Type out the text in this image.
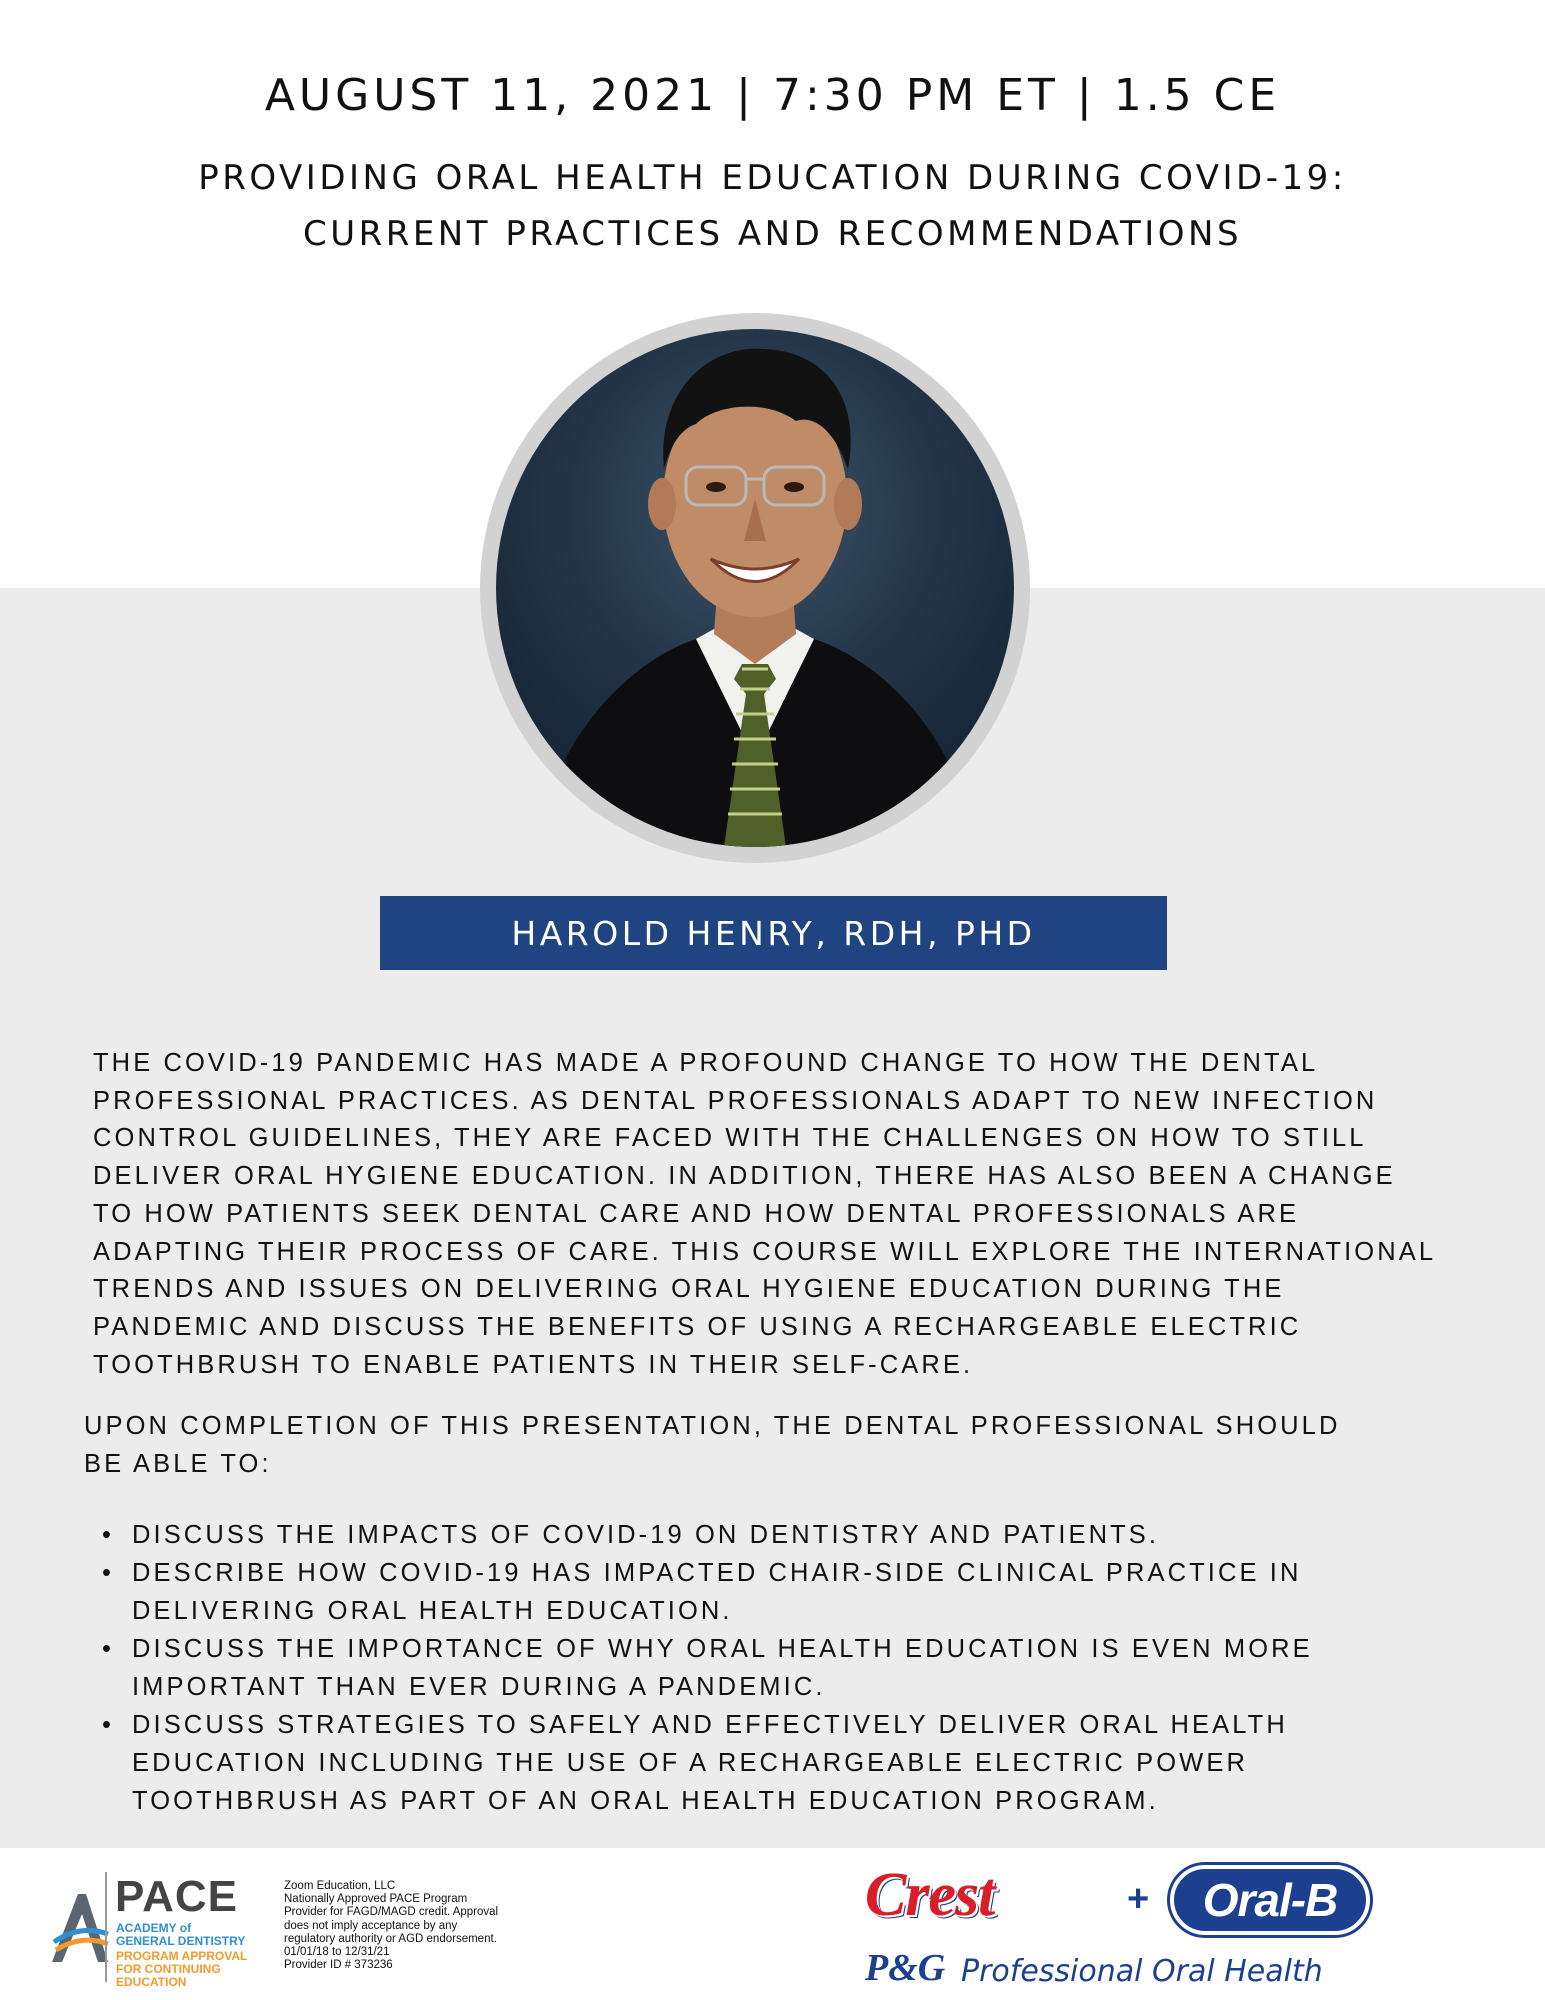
AUGUST 11, 2021 | 7:30 PM ET | 1.5 CE
PROVIDING ORAL HEALTH EDUCATION DURING COVID-19:
CURRENT PRACTICES AND RECOMMENDATIONS
HAROLD HENRY, RDH, PHD
THE COVID-19 PANDEMIC HAS MADE A PROFOUND CHANGE TO HOW THE DENTAL
PROFESSIONAL PRACTICES. AS DENTAL PROFESSIONALS ADAPT TO NEW INFECTION
CONTROL GUIDELINES, THEY ARE FACED WITH THE CHALLENGES ON HOW TO STILL
DELIVER ORAL HYGIENE EDUCATION. IN ADDITION, THERE HAS ALSO BEEN A CHANGE
TO HOW PATIENTS SEEK DENTAL CARE AND HOW DENTAL PROFESSIONALS ARE
ADAPTING THEIR PROCESS OF CARE. THIS COURSE WILL EXPLORE THE INTERNATIONAL
TRENDS AND ISSUES ON DELIVERING ORAL HYGIENE EDUCATION DURING THE
PANDEMIC AND DISCUSS THE BENEFITS OF USING A RECHARGEABLE ELECTRIC
TOOTHBRUSH TO ENABLE PATIENTS IN THEIR SELF-CARE.
UPON COMPLETION OF THIS PRESENTATION, THE DENTAL PROFESSIONAL SHOULD
BE ABLE TO:
• DISCUSS THE IMPACTS OF COVID-19 ON DENTISTRY AND PATIENTS.
• DESCRIBE HOW COVID-19 HAS IMPACTED CHAIR-SIDE CLINICAL PRACTICE IN
DELIVERING ORAL HEALTH EDUCATION.
• DISCUSS THE IMPORTANCE OF WHY ORAL HEALTH EDUCATION IS EVEN MORE
IMPORTANT THAN EVER DURING A PANDEMIC.
• DISCUSS STRATEGIES TO SAFELY AND EFFECTIVELY DELIVER ORAL HEALTH
EDUCATION INCLUDING THE USE OF A RECHARGEABLE ELECTRIC POWER
TOOTHBRUSH AS PART OF AN ORAL HEALTH EDUCATION PROGRAM.
PACE
ACADEMY of
GENERAL DENTISTRY
PROGRAM APPROVAL
FOR CONTINUING
EDUCATION
Zoom Education, LLC
Nationally Approved PACE Program
Provider for FAGD/MAGD credit. Approval
does not imply acceptance by any
regulatory authority or AGD endorsement.
01/01/18 to 12/31/21
Provider ID # 373236
Crest	+ Oral-B
P&G Professional Oral Health
